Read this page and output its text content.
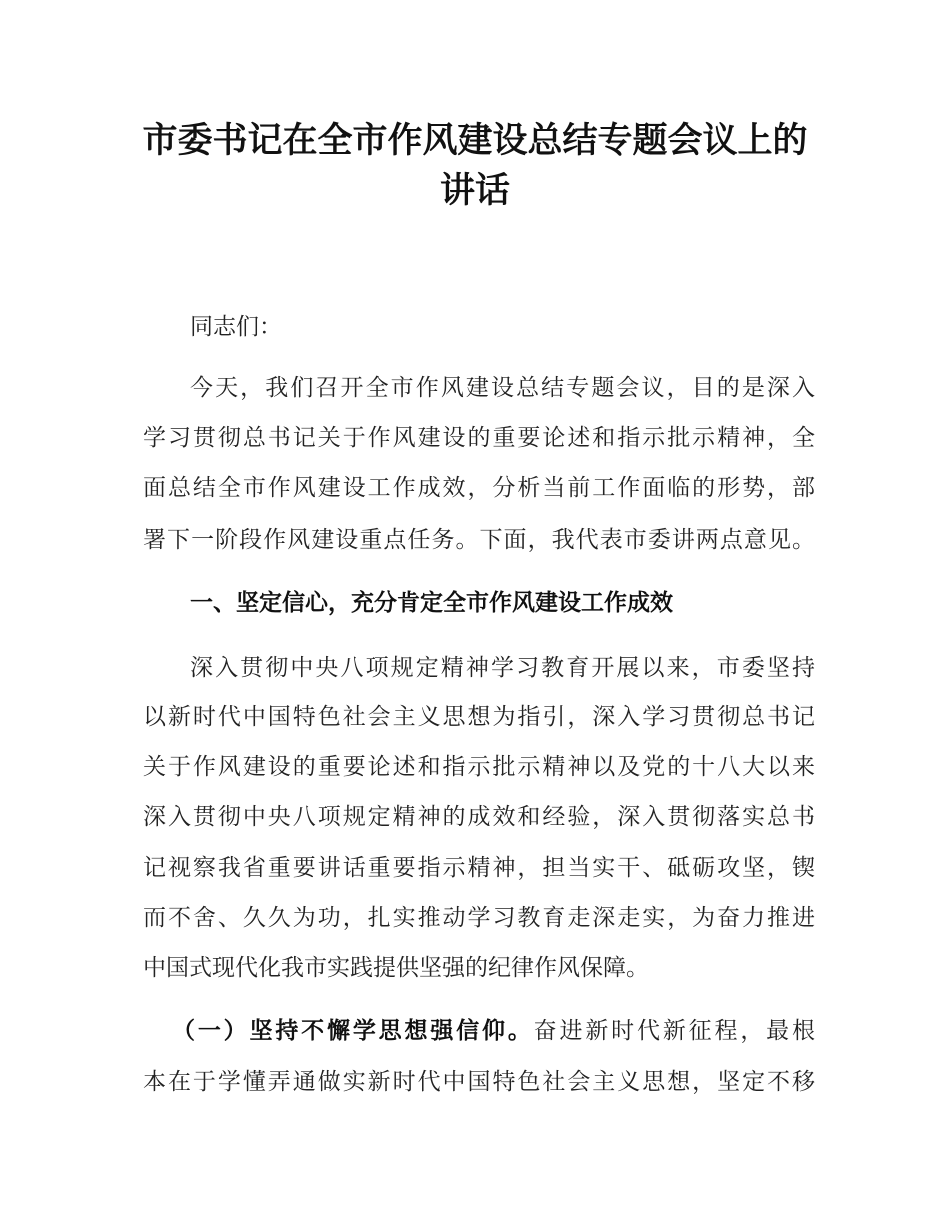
市委书记在全市作风建设总结专题会议上的
讲话
同志们：
今天，我们召开全市作风建设总结专题会议，目的是深入
学习贯彻总书记关于作风建设的重要论述和指示批示精神，全
面总结全市作风建设工作成效，分析当前工作面临的形势，部
署下一阶段作风建设重点任务。下面，我代表市委讲两点意见。
一、坚定信心，充分肯定全市作风建设工作成效
深入贯彻中央八项规定精神学习教育开展以来，市委坚持
以新时代中国特色社会主义思想为指引，深入学习贯彻总书记
关于作风建设的重要论述和指示批示精神以及党的十八大以来
深入贯彻中央八项规定精神的成效和经验，深入贯彻落实总书
记视察我省重要讲话重要指示精神，担当实干、砥砺攻坚，锲
而不舍、久久为功，扎实推动学习教育走深走实，为奋力推进
中国式现代化我市实践提供坚强的纪律作风保障。
（一）坚持不懈学思想强信仰。奋进新时代新征程，最根
本在于学懂弄通做实新时代中国特色社会主义思想，坚定不移
